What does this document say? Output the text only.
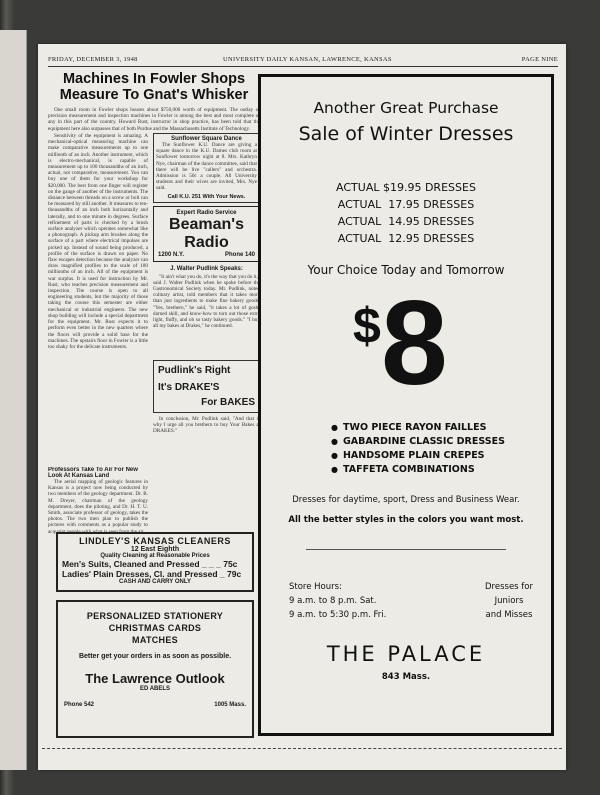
FRIDAY, DECEMBER 3, 1948	UNIVERSITY DAILY KANSAN, LAWRENCE, KANSAS	PAGE NINE
Machines In Fowler Shops Measure To Gnat's Whisker

One small room in Fowler shops houses about $750,000 worth of equipment. The outlay of precision measurement and inspection machines in Fowler is among the best and most complete of any in this part of the country. Howard Rust, instructor in shop practice, has been told that the equipment here also surpasses that of both Purdue and the Massachusetts Institute of Technology.

Sensitivity of the equipment is amazing. A mechanical-optical measuring machine can make comparative measurements up to one millionth of an inch. Another instrument, which is electro-mechanical, is capable of measurement up to 100 thousandths of an inch, actual, not comparative, measurement. You can buy one of them for your workshop for $20,000. The best from one finger will register on the gauge of another of the instruments. The distance between threads on a screw or bolt can be measured by still another. It measures to ten-thousandths of an inch both horizontally and laterally, and to one minute in degrees. Surface refinement of parts is checked by a brush surface analyzer which operates somewhat like a phonograph. A pickup arm brushes along the surface of a part where electrical impulses are picked up. Instead of sound being produced, a profile of the surface is drawn on paper. No flaw escapes detection because the analyzer can draw magnified profiles to the scale of 100 millionths of an inch. All of the equipment is war surplus. It is used for instruction by Mr. Rust, who teaches precision measurement and inspection. The course is open to all engineering students, but the majority of those taking the course this semester are either mechanical or industrial engineers. The new shop building will include a special department for the equipment. Mr. Rust expects it to perform even better in the new quarters where the floors will provide a solid base for the machines. The upstairs floor in Fowler is a little too shaky for the delicate instruments.

Professors Take To Air For New Look At Kansas Land

The aerial mapping of geologic features in Kansas is a project now being conducted by two members of the geology department. Dr. R. M. Dreyer, chairman of the geology department, does the piloting, and Dr. H. T. U. Smith, associate professor of geology, takes the photos. The two men plan to publish the pictures with comments as a popular study to acquaint people with what is seen from the air.

Sunflower Square Dance

The Sunflower K.U. Dance are giving a square dance in the K.U. Dames club room at Sunflower tomorrow night at 8. Mrs. Kathryn Nye, chairman of the dance committee, said that there will be live "callers" and orchestra. Admission is 50c a couple. All University students and their wives are invited, Mrs. Nye said.

Call K.U. 251 With Your News.
Expert Radio Service
Beaman's Radio
1200 N.Y.	Phone 140
J. Walter Pudlink Speaks:

"It ain't what you do, it's the way that you do it," said J. Walter Pudlink when he spoke before the Gastronomical Society today. Mr. Pudlink, noted culinary artist, told members that it takes more than just ingredients to make fine bakery goods. "Yes, brethern," he said, "it takes a lot of gosh-darned skill, and know-how to turn out those extra light, fluffy, and oh so tasty bakery goods." "I buy all my bakes at Drakes," he continued.

Pudlink's Right
It's DRAKE'S
For BAKES

In conclusion, Mr. Pudlink said, "And that is why I urge all you brethern to buy Your Bakes at DRAKES."

LINDLEY'S KANSAS CLEANERS
12 East Eighth
Quality Cleaning at Reasonable Prices
Men's Suits, Cleaned and Pressed _ _ _ 75c
Ladies' Plain Dresses, Cl. and Pressed _ 79c
CASH AND CARRY ONLY
PERSONALIZED STATIONERY
CHRISTMAS CARDS
MATCHES
Better get your orders in as soon as possible.
The Lawrence Outlook
ED ABELS
Phone 542	1005 Mass.
Another Great Purchase
Sale of Winter Dresses
ACTUAL $19.95 DRESSES
ACTUAL  17.95 DRESSES
ACTUAL  14.95 DRESSES
ACTUAL  12.95 DRESSES
Your Choice Today and Tomorrow
$ 8
● TWO PIECE RAYON FAILLES
● GABARDINE CLASSIC DRESSES
● HANDSOME PLAIN CREPES
● TAFFETA COMBINATIONS
Dresses for daytime, sport, Dress and Business Wear.
All the better styles in the colors you want most.
Store Hours:
9 a.m. to 8 p.m. Sat.
9 a.m. to 5:30 p.m. Fri.
Dresses for
Juniors
and Misses
THE PALACE
843 Mass.
